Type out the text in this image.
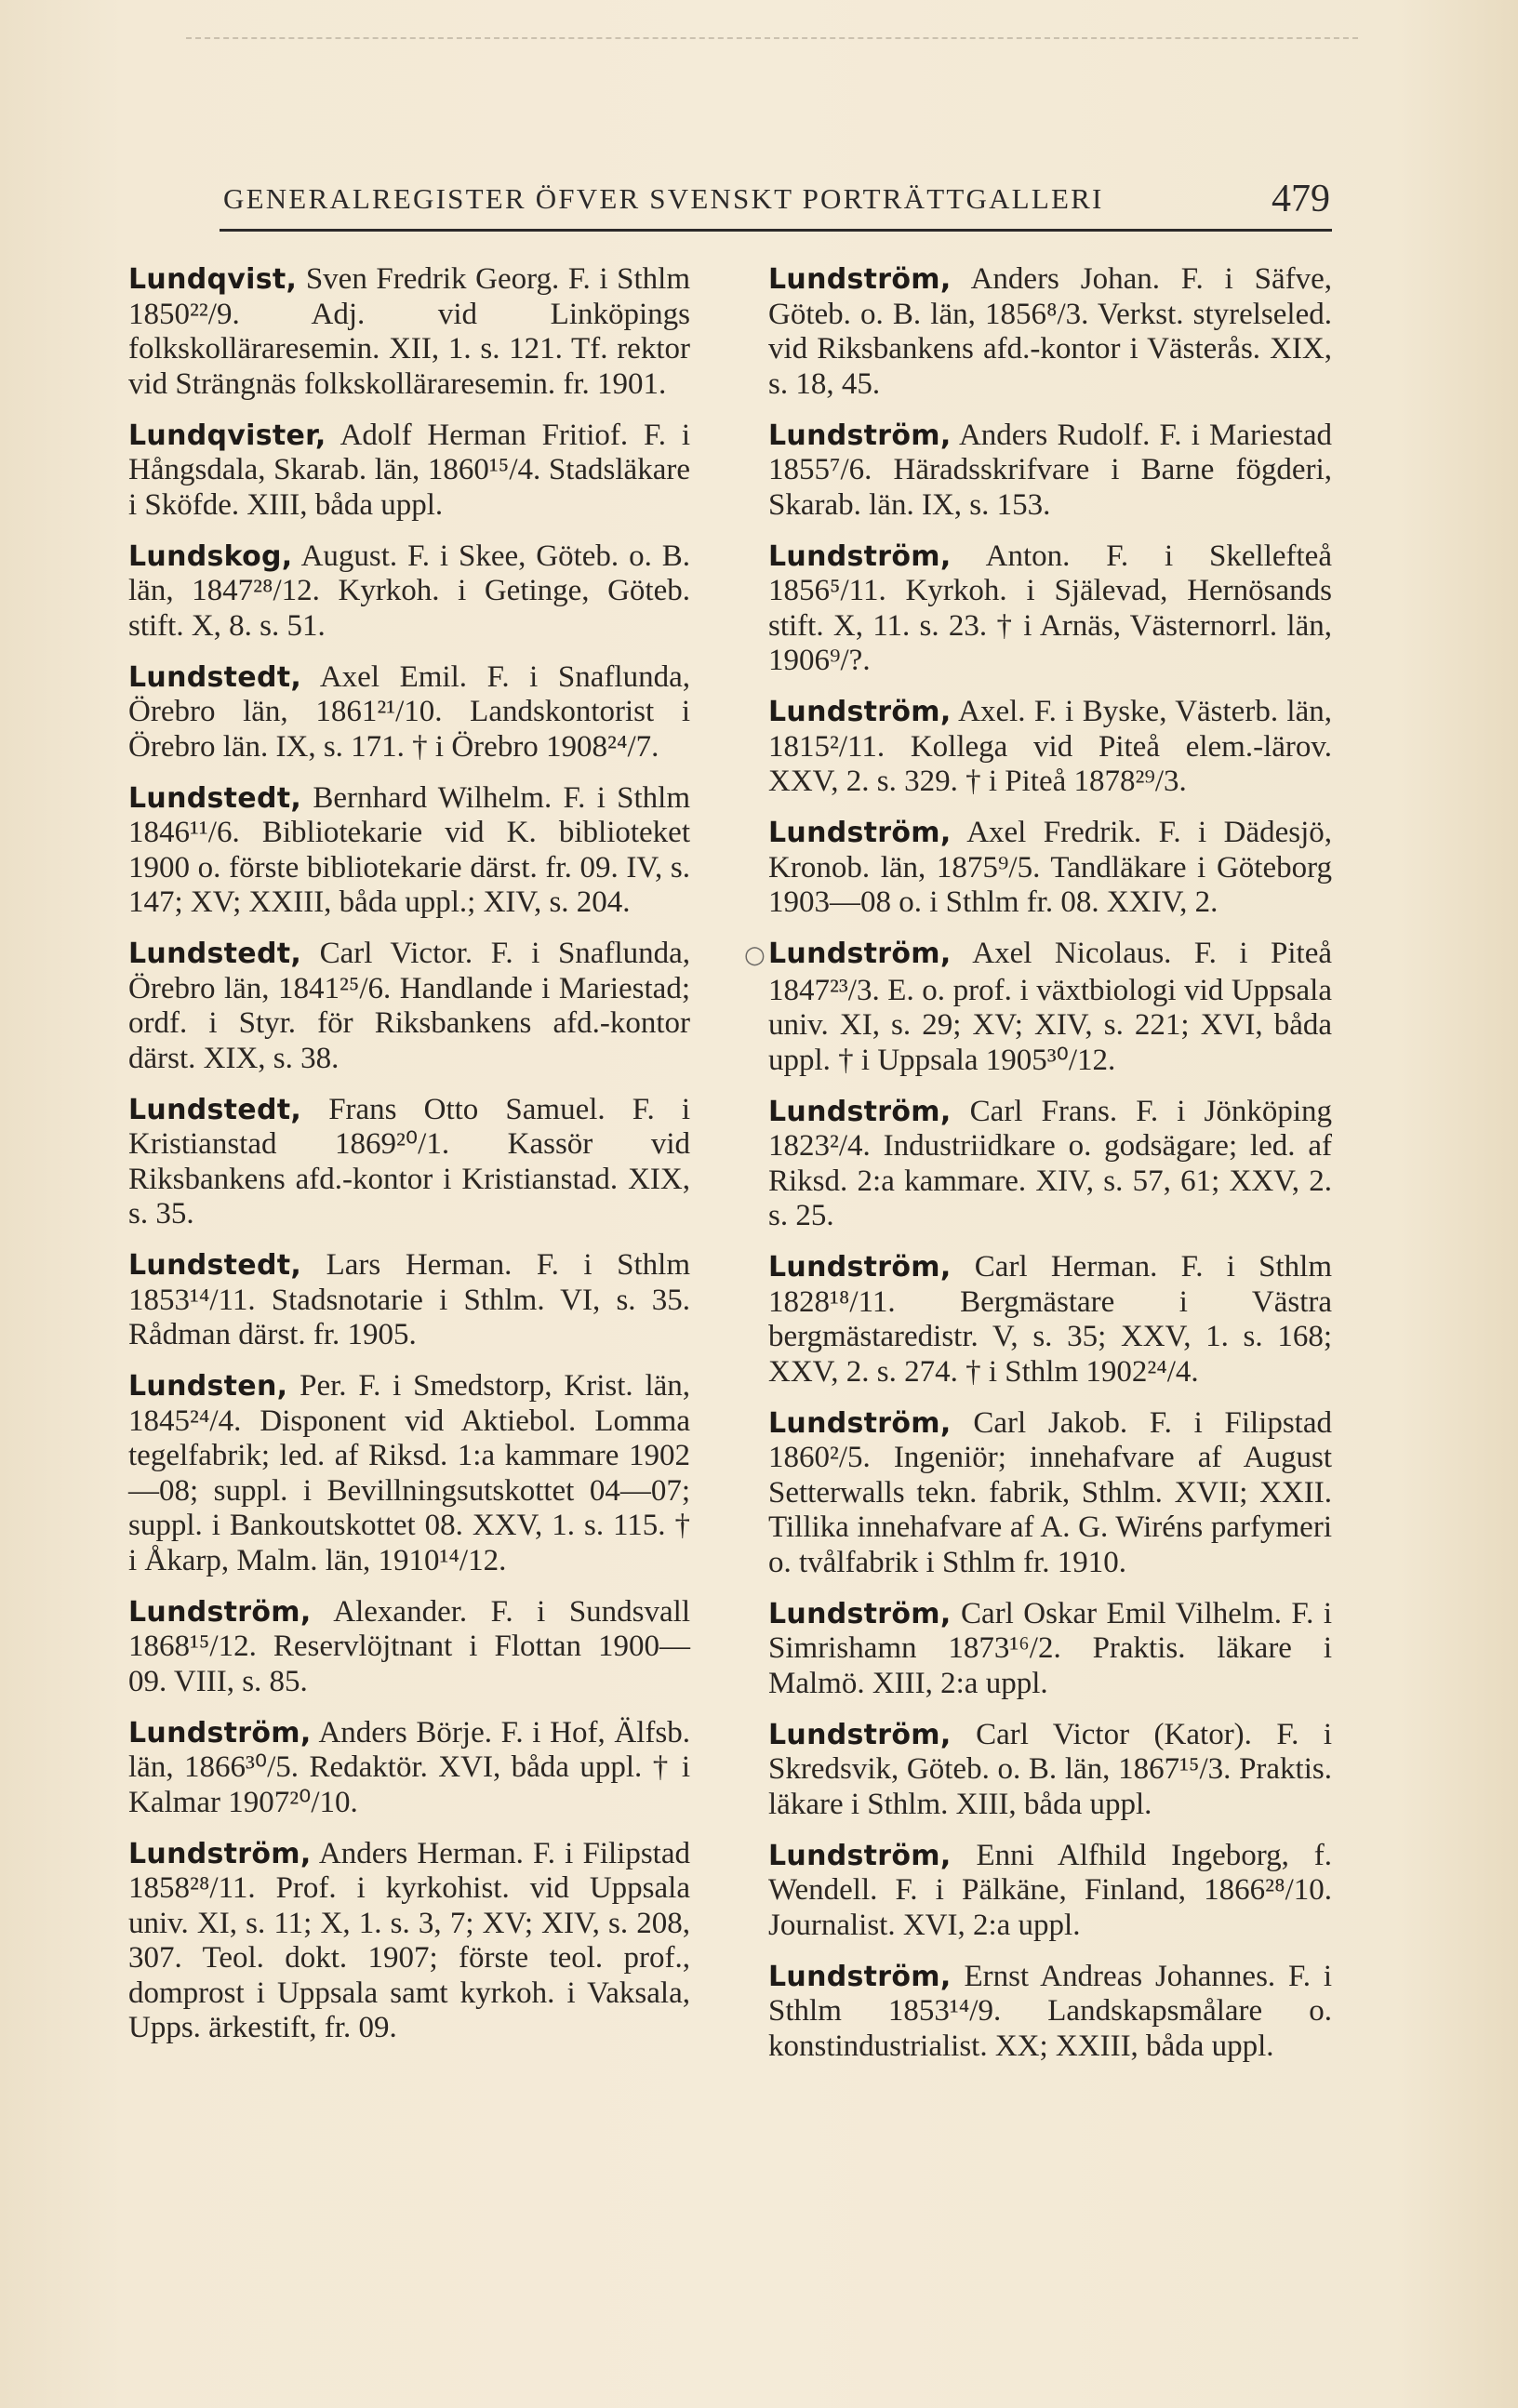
GENERALREGISTER ÖFVER SVENSKT PORTRÄTTGALLERI	479

Lundqvist, Sven Fredrik Georg. F. i Sthlm 1850²²/9. Adj. vid Linköpings folkskolläraresemin. XII, 1. s. 121. Tf. rektor vid Strängnäs folkskolläraresemin. fr. 1901.

Lundqvister, Adolf Herman Fritiof. F. i Hångsdala, Skarab. län, 1860¹⁵/4. Stadsläkare i Sköfde. XIII, båda uppl.

Lundskog, August. F. i Skee, Göteb. o. B. län, 1847²⁸/12. Kyrkoh. i Getinge, Göteb. stift. X, 8. s. 51.

Lundstedt, Axel Emil. F. i Snaflunda, Örebro län, 1861²¹/10. Landskontorist i Örebro län. IX, s. 171. † i Örebro 1908²⁴/7.

Lundstedt, Bernhard Wilhelm. F. i Sthlm 1846¹¹/6. Bibliotekarie vid K. biblioteket 1900 o. förste bibliotekarie därst. fr. 09. IV, s. 147; XV; XXIII, båda uppl.; XIV, s. 204.

Lundstedt, Carl Victor. F. i Snaflunda, Örebro län, 1841²⁵/6. Handlande i Mariestad; ordf. i Styr. för Riksbankens afd.-kontor därst. XIX, s. 38.

Lundstedt, Frans Otto Samuel. F. i Kristianstad 1869²⁰/1. Kassör vid Riksbankens afd.-kontor i Kristianstad. XIX, s. 35.

Lundstedt, Lars Herman. F. i Sthlm 1853¹⁴/11. Stadsnotarie i Sthlm. VI, s. 35. Rådman därst. fr. 1905.

Lundsten, Per. F. i Smedstorp, Krist. län, 1845²⁴/4. Disponent vid Aktiebol. Lomma tegelfabrik; led. af Riksd. 1:a kammare 1902—08; suppl. i Bevillningsutskottet 04—07; suppl. i Bankoutskottet 08. XXV, 1. s. 115. † i Åkarp, Malm. län, 1910¹⁴/12.

Lundström, Alexander. F. i Sundsvall 1868¹⁵/12. Reservlöjtnant i Flottan 1900—09. VIII, s. 85.

Lundström, Anders Börje. F. i Hof, Älfsb. län, 1866³⁰/5. Redaktör. XVI, båda uppl. † i Kalmar 1907²⁰/10.

Lundström, Anders Herman. F. i Filipstad 1858²⁸/11. Prof. i kyrkohist. vid Uppsala univ. XI, s. 11; X, 1. s. 3, 7; XV; XIV, s. 208, 307. Teol. dokt. 1907; förste teol. prof., domprost i Uppsala samt kyrkoh. i Vaksala, Upps. ärkestift, fr. 09.

Lundström, Anders Johan. F. i Säfve, Göteb. o. B. län, 1856⁸/3. Verkst. styrelseled. vid Riksbankens afd.-kontor i Västerås. XIX, s. 18, 45.

Lundström, Anders Rudolf. F. i Mariestad 1855⁷/6. Häradsskrifvare i Barne fögderi, Skarab. län. IX, s. 153.

Lundström, Anton. F. i Skellefteå 1856⁵/11. Kyrkoh. i Själevad, Hernösands stift. X, 11. s. 23. † i Arnäs, Västernorrl. län, 1906⁹/?.

Lundström, Axel. F. i Byske, Västerb. län, 1815²/11. Kollega vid Piteå elem.-lärov. XXV, 2. s. 329. † i Piteå 1878²⁹/3.

Lundström, Axel Fredrik. F. i Dädesjö, Kronob. län, 1875⁹/5. Tandläkare i Göteborg 1903—08 o. i Sthlm fr. 08. XXIV, 2.

○ Lundström, Axel Nicolaus. F. i Piteå 1847²³/3. E. o. prof. i växtbiologi vid Uppsala univ. XI, s. 29; XV; XIV, s. 221; XVI, båda uppl. † i Uppsala 1905³⁰/12.

Lundström, Carl Frans. F. i Jönköping 1823²/4. Industriidkare o. godsägare; led. af Riksd. 2:a kammare. XIV, s. 57, 61; XXV, 2. s. 25.

Lundström, Carl Herman. F. i Sthlm 1828¹⁸/11. Bergmästare i Västra bergmästaredistr. V, s. 35; XXV, 1. s. 168; XXV, 2. s. 274. † i Sthlm 1902²⁴/4.

Lundström, Carl Jakob. F. i Filipstad 1860²/5. Ingeniör; innehafvare af August Setterwalls tekn. fabrik, Sthlm. XVII; XXII. Tillika innehafvare af A. G. Wiréns parfymeri o. tvålfabrik i Sthlm fr. 1910.

Lundström, Carl Oskar Emil Vilhelm. F. i Simrishamn 1873¹⁶/2. Praktis. läkare i Malmö. XIII, 2:a uppl.

Lundström, Carl Victor (Kator). F. i Skredsvik, Göteb. o. B. län, 1867¹⁵/3. Praktis. läkare i Sthlm. XIII, båda uppl.

Lundström, Enni Alfhild Ingeborg, f. Wendell. F. i Pälkäne, Finland, 1866²⁸/10. Journalist. XVI, 2:a uppl.

Lundström, Ernst Andreas Johannes. F. i Sthlm 1853¹⁴/9. Landskapsmålare o. konstindustrialist. XX; XXIII, båda uppl.
